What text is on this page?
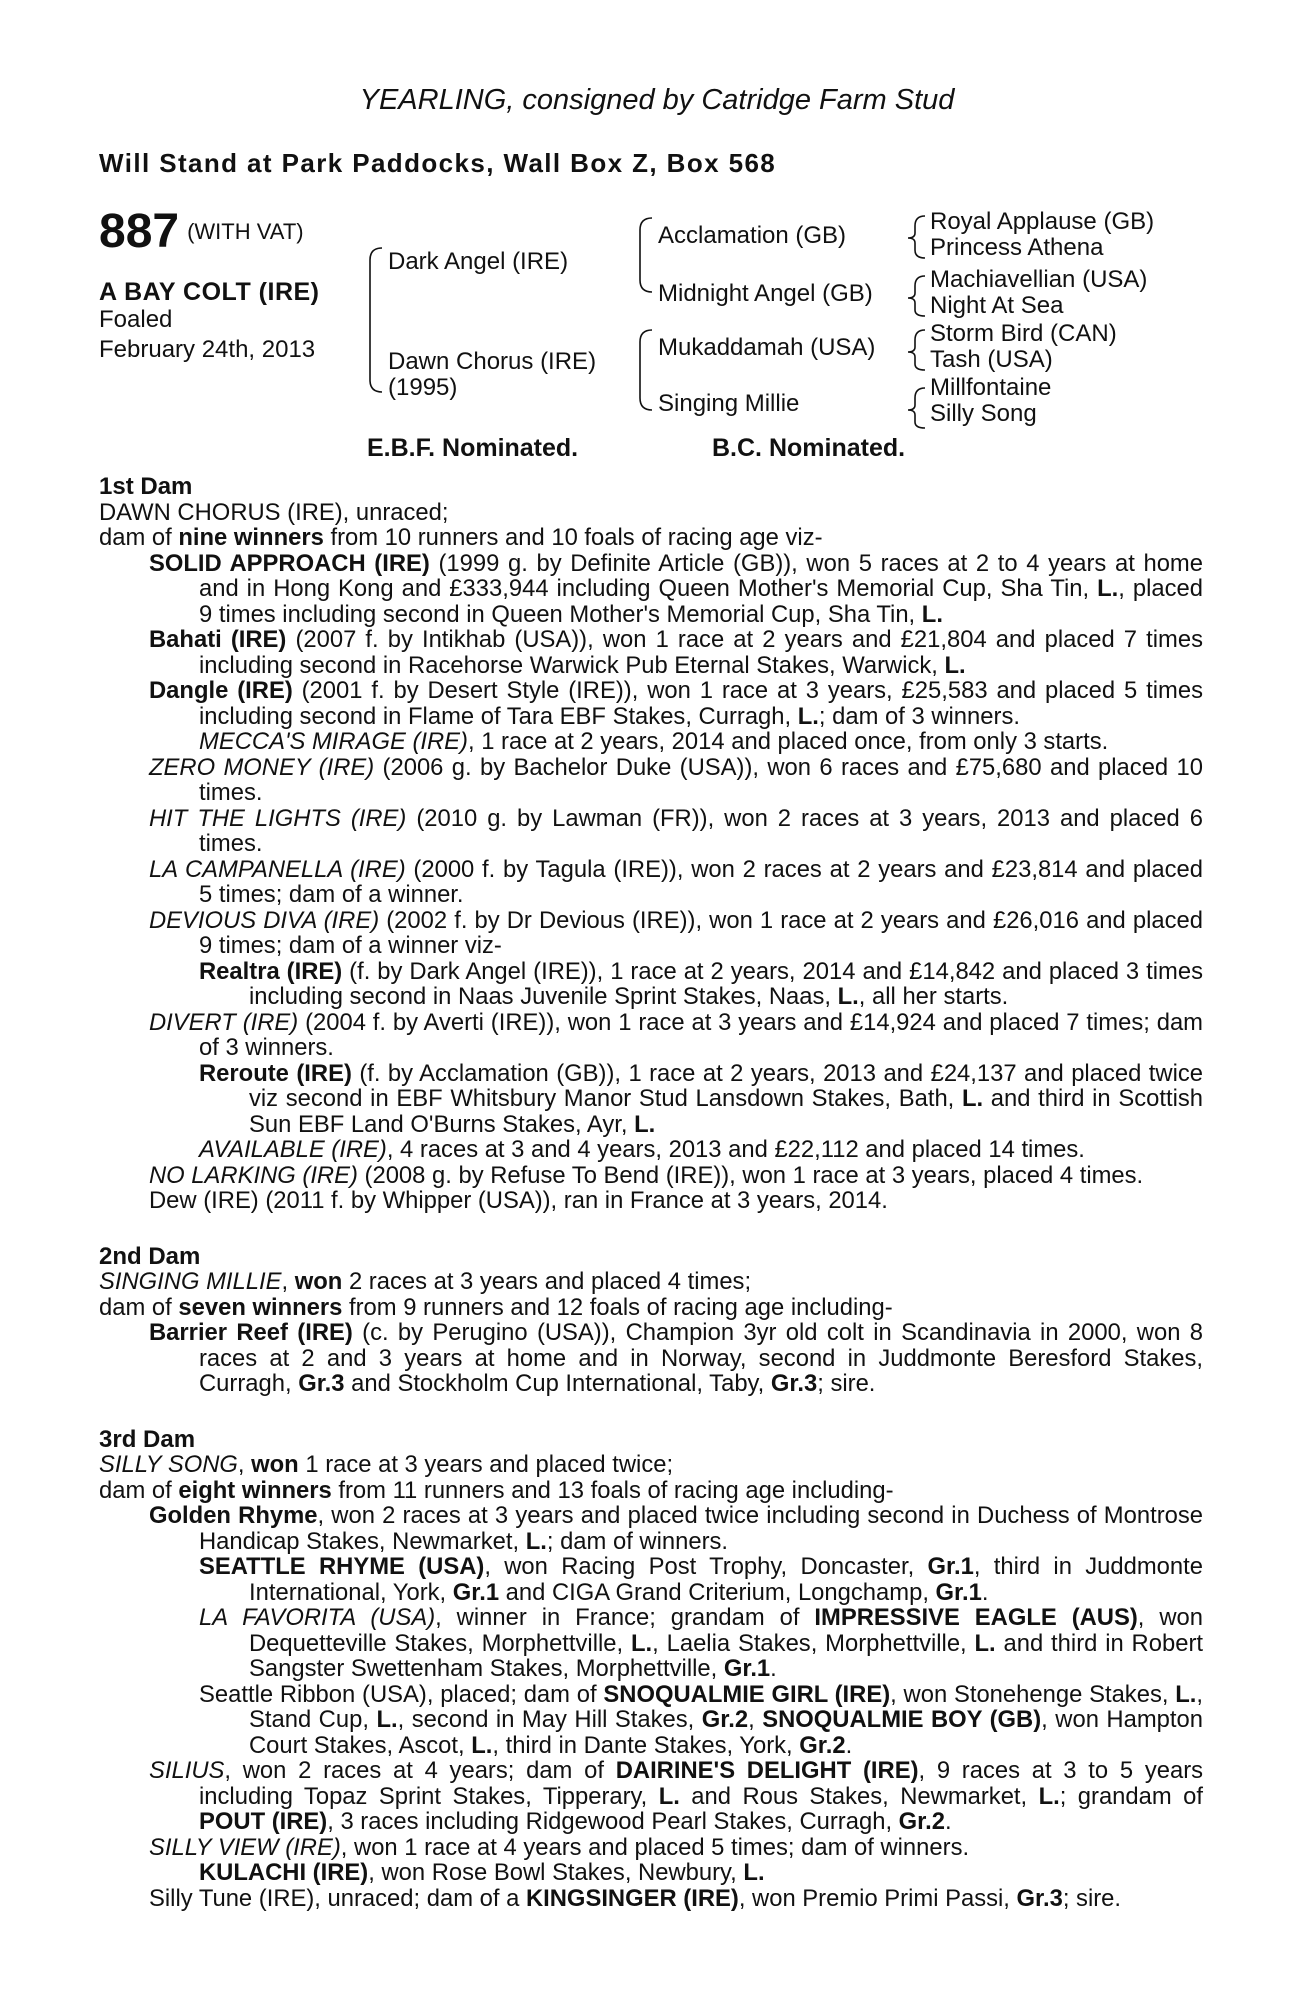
YEARLING, consigned by Catridge Farm Stud
Will Stand at Park Paddocks, Wall Box Z, Box 568
887 (WITH VAT)
A BAY COLT (IRE)
Foaled
February 24th, 2013
Dark Angel (IRE)
Dawn Chorus (IRE)
(1995)
Acclamation (GB)
Midnight Angel (GB)
Mukaddamah (USA)
Singing Millie
Royal Applause (GB)
Princess Athena
Machiavellian (USA)
Night At Sea
Storm Bird (CAN)
Tash (USA)
Millfontaine
Silly Song
E.B.F. Nominated.	B.C. Nominated.
1st Dam
DAWN CHORUS (IRE), unraced;
dam of nine winners from 10 runners and 10 foals of racing age viz-
SOLID APPROACH (IRE) (1999 g. by Definite Article (GB)), won 5 races at 2 to 4 years at home and in Hong Kong and £333,944 including Queen Mother's Memorial Cup, Sha Tin, L., placed 9 times including second in Queen Mother's Memorial Cup, Sha Tin, L.
Bahati (IRE) (2007 f. by Intikhab (USA)), won 1 race at 2 years and £21,804 and placed 7 times including second in Racehorse Warwick Pub Eternal Stakes, Warwick, L.
Dangle (IRE) (2001 f. by Desert Style (IRE)), won 1 race at 3 years, £25,583 and placed 5 times including second in Flame of Tara EBF Stakes, Curragh, L.; dam of 3 winners.
MECCA'S MIRAGE (IRE), 1 race at 2 years, 2014 and placed once, from only 3 starts.
ZERO MONEY (IRE) (2006 g. by Bachelor Duke (USA)), won 6 races and £75,680 and placed 10 times.
HIT THE LIGHTS (IRE) (2010 g. by Lawman (FR)), won 2 races at 3 years, 2013 and placed 6 times.
LA CAMPANELLA (IRE) (2000 f. by Tagula (IRE)), won 2 races at 2 years and £23,814 and placed 5 times; dam of a winner.
DEVIOUS DIVA (IRE) (2002 f. by Dr Devious (IRE)), won 1 race at 2 years and £26,016 and placed 9 times; dam of a winner viz-
Realtra (IRE) (f. by Dark Angel (IRE)), 1 race at 2 years, 2014 and £14,842 and placed 3 times including second in Naas Juvenile Sprint Stakes, Naas, L., all her starts.
DIVERT (IRE) (2004 f. by Averti (IRE)), won 1 race at 3 years and £14,924 and placed 7 times; dam of 3 winners.
Reroute (IRE) (f. by Acclamation (GB)), 1 race at 2 years, 2013 and £24,137 and placed twice viz second in EBF Whitsbury Manor Stud Lansdown Stakes, Bath, L. and third in Scottish Sun EBF Land O'Burns Stakes, Ayr, L.
AVAILABLE (IRE), 4 races at 3 and 4 years, 2013 and £22,112 and placed 14 times.
NO LARKING (IRE) (2008 g. by Refuse To Bend (IRE)), won 1 race at 3 years, placed 4 times.
Dew (IRE) (2011 f. by Whipper (USA)), ran in France at 3 years, 2014.
2nd Dam
SINGING MILLIE, won 2 races at 3 years and placed 4 times;
dam of seven winners from 9 runners and 12 foals of racing age including-
Barrier Reef (IRE) (c. by Perugino (USA)), Champion 3yr old colt in Scandinavia in 2000, won 8 races at 2 and 3 years at home and in Norway, second in Juddmonte Beresford Stakes, Curragh, Gr.3 and Stockholm Cup International, Taby, Gr.3; sire.
3rd Dam
SILLY SONG, won 1 race at 3 years and placed twice;
dam of eight winners from 11 runners and 13 foals of racing age including-
Golden Rhyme, won 2 races at 3 years and placed twice including second in Duchess of Montrose Handicap Stakes, Newmarket, L.; dam of winners.
SEATTLE RHYME (USA), won Racing Post Trophy, Doncaster, Gr.1, third in Juddmonte International, York, Gr.1 and CIGA Grand Criterium, Longchamp, Gr.1.
LA FAVORITA (USA), winner in France; grandam of IMPRESSIVE EAGLE (AUS), won Dequetteville Stakes, Morphettville, L., Laelia Stakes, Morphettville, L. and third in Robert Sangster Swettenham Stakes, Morphettville, Gr.1.
Seattle Ribbon (USA), placed; dam of SNOQUALMIE GIRL (IRE), won Stonehenge Stakes, L., Stand Cup, L., second in May Hill Stakes, Gr.2, SNOQUALMIE BOY (GB), won Hampton Court Stakes, Ascot, L., third in Dante Stakes, York, Gr.2.
SILIUS, won 2 races at 4 years; dam of DAIRINE'S DELIGHT (IRE), 9 races at 3 to 5 years including Topaz Sprint Stakes, Tipperary, L. and Rous Stakes, Newmarket, L.; grandam of POUT (IRE), 3 races including Ridgewood Pearl Stakes, Curragh, Gr.2.
SILLY VIEW (IRE), won 1 race at 4 years and placed 5 times; dam of winners.
KULACHI (IRE), won Rose Bowl Stakes, Newbury, L.
Silly Tune (IRE), unraced; dam of a KINGSINGER (IRE), won Premio Primi Passi, Gr.3; sire.
